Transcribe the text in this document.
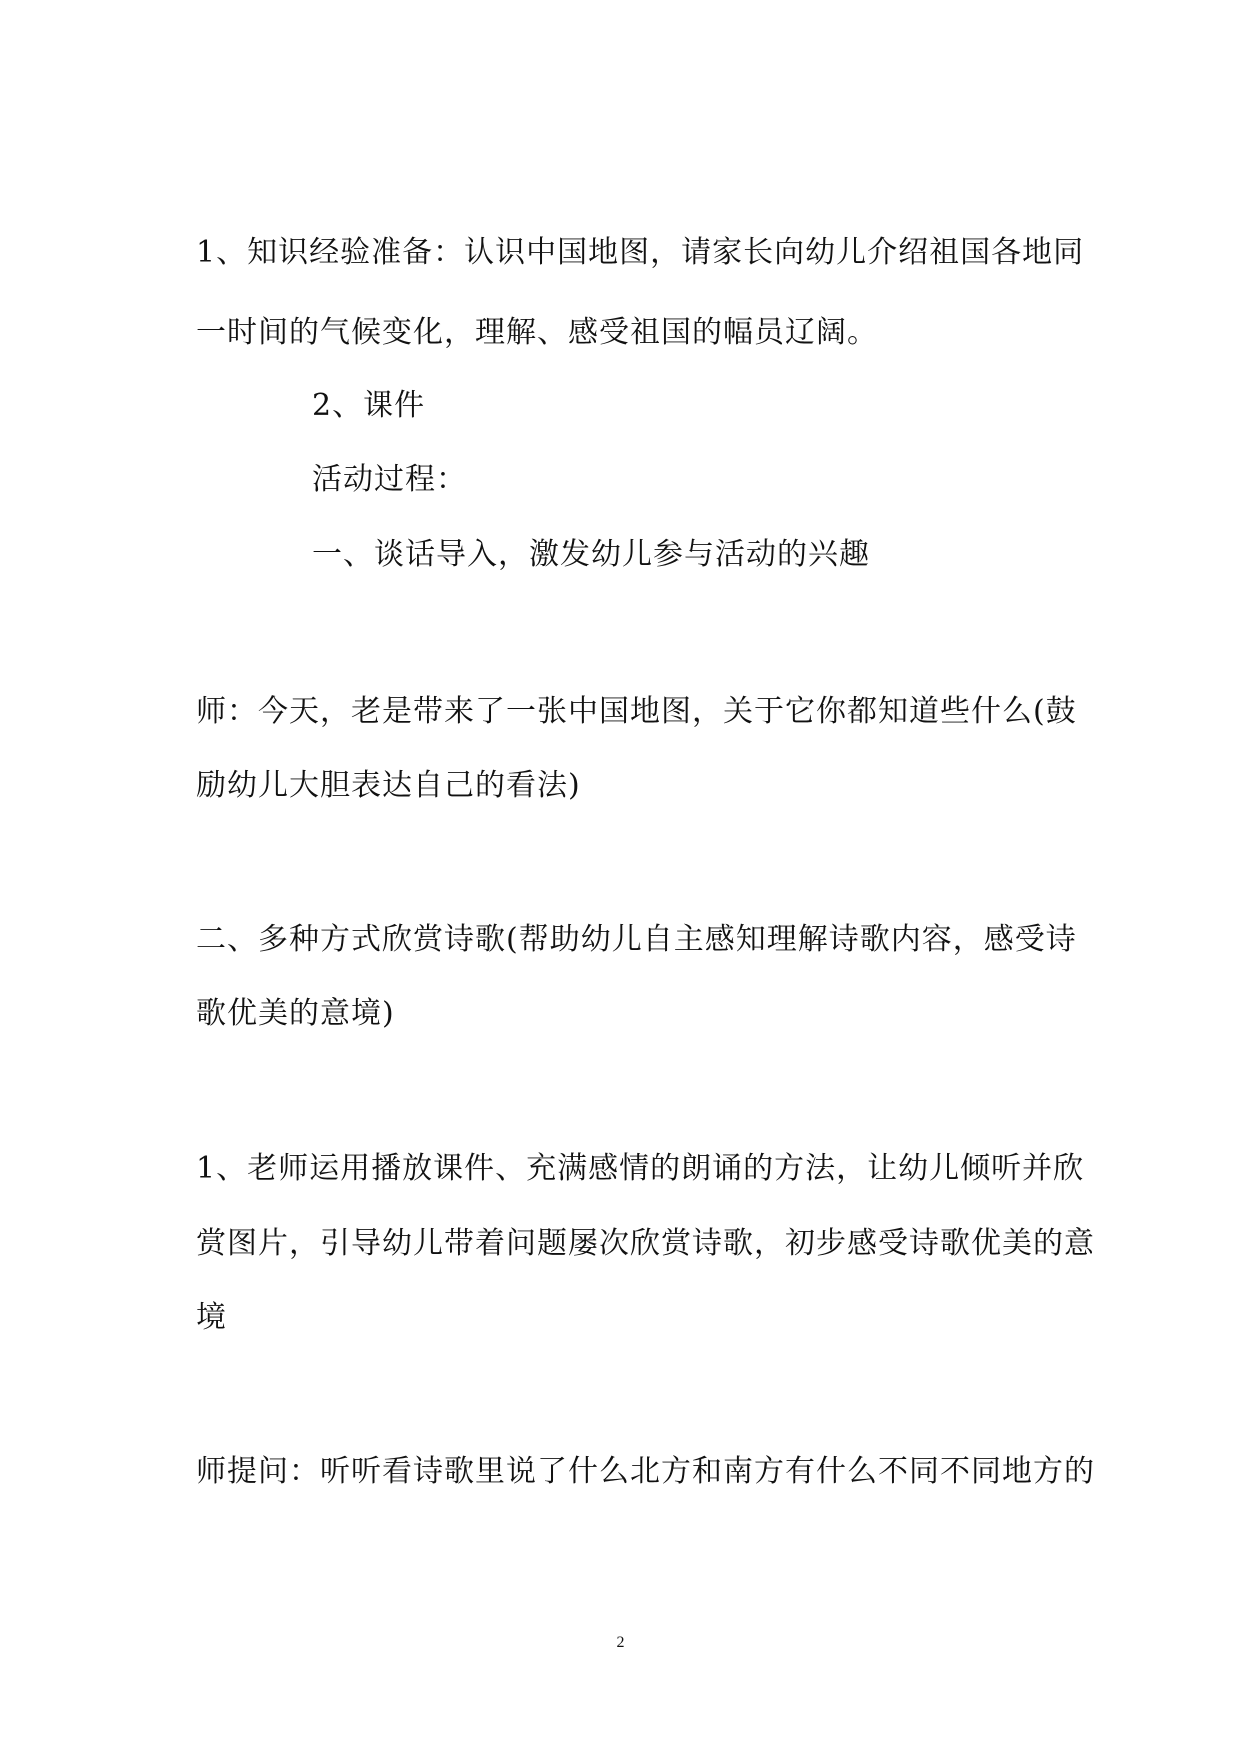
1、知识经验准备：认识中国地图，请家长向幼儿介绍祖国各地同
一时间的气候变化，理解、感受祖国的幅员辽阔。
2、课件
活动过程：
一、谈话导入，激发幼儿参与活动的兴趣
师：今天，老是带来了一张中国地图，关于它你都知道些什么(鼓
励幼儿大胆表达自己的看法)
二、多种方式欣赏诗歌(帮助幼儿自主感知理解诗歌内容，感受诗
歌优美的意境)
1、老师运用播放课件、充满感情的朗诵的方法，让幼儿倾听并欣
赏图片，引导幼儿带着问题屡次欣赏诗歌，初步感受诗歌优美的意
境
师提问：听听看诗歌里说了什么北方和南方有什么不同不同地方的
2
